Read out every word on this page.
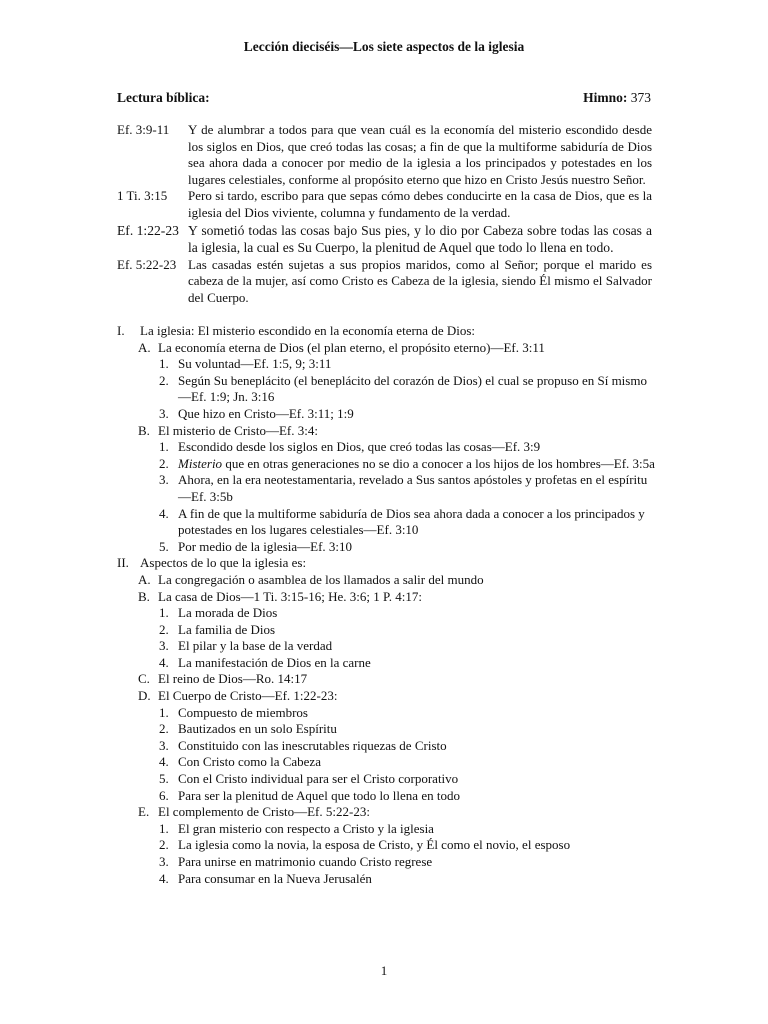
Lección dieciséis—Los siete aspectos de la iglesia
Lectura bíblica:	Himno: 373
Ef. 3:9-11	Y de alumbrar a todos para que vean cuál es la economía del misterio escondido desde los siglos en Dios, que creó todas las cosas; a fin de que la multiforme sabiduría de Dios sea ahora dada a conocer por medio de la iglesia a los principados y potestades en los lugares celestiales, conforme al propósito eterno que hizo en Cristo Jesús nuestro Señor.
1 Ti. 3:15	Pero si tardo, escribo para que sepas cómo debes conducirte en la casa de Dios, que es la iglesia del Dios viviente, columna y fundamento de la verdad.
Ef. 1:22-23 Y sometió todas las cosas bajo Sus pies, y lo dio por Cabeza sobre todas las cosas a la iglesia, la cual es Su Cuerpo, la plenitud de Aquel que todo lo llena en todo.
Ef. 5:22-23 Las casadas estén sujetas a sus propios maridos, como al Señor; porque el marido es cabeza de la mujer, así como Cristo es Cabeza de la iglesia, siendo Él mismo el Salvador del Cuerpo.
I.	La iglesia: El misterio escondido en la economía eterna de Dios:
A. La economía eterna de Dios (el plan eterno, el propósito eterno)—Ef. 3:11
1. Su voluntad—Ef. 1:5, 9; 3:11
2. Según Su beneplácito (el beneplácito del corazón de Dios) el cual se propuso en Sí mismo—Ef. 1:9; Jn. 3:16
3. Que hizo en Cristo—Ef. 3:11; 1:9
B. El misterio de Cristo—Ef. 3:4:
1. Escondido desde los siglos en Dios, que creó todas las cosas—Ef. 3:9
2. Misterio que en otras generaciones no se dio a conocer a los hijos de los hombres—Ef. 3:5a
3. Ahora, en la era neotestamentaria, revelado a Sus santos apóstoles y profetas en el espíritu—Ef. 3:5b
4. A fin de que la multiforme sabiduría de Dios sea ahora dada a conocer a los principados y potestades en los lugares celestiales—Ef. 3:10
5. Por medio de la iglesia—Ef. 3:10
II. Aspectos de lo que la iglesia es:
A. La congregación o asamblea de los llamados a salir del mundo
B. La casa de Dios—1 Ti. 3:15-16; He. 3:6; 1 P. 4:17:
1. La morada de Dios
2. La familia de Dios
3. El pilar y la base de la verdad
4. La manifestación de Dios en la carne
C. El reino de Dios—Ro. 14:17
D. El Cuerpo de Cristo—Ef. 1:22-23:
1. Compuesto de miembros
2. Bautizados en un solo Espíritu
3. Constituido con las inescrutables riquezas de Cristo
4. Con Cristo como la Cabeza
5. Con el Cristo individual para ser el Cristo corporativo
6. Para ser la plenitud de Aquel que todo lo llena en todo
E. El complemento de Cristo—Ef. 5:22-23:
1. El gran misterio con respecto a Cristo y la iglesia
2. La iglesia como la novia, la esposa de Cristo, y Él como el novio, el esposo
3. Para unirse en matrimonio cuando Cristo regrese
4. Para consumar en la Nueva Jerusalén
1
